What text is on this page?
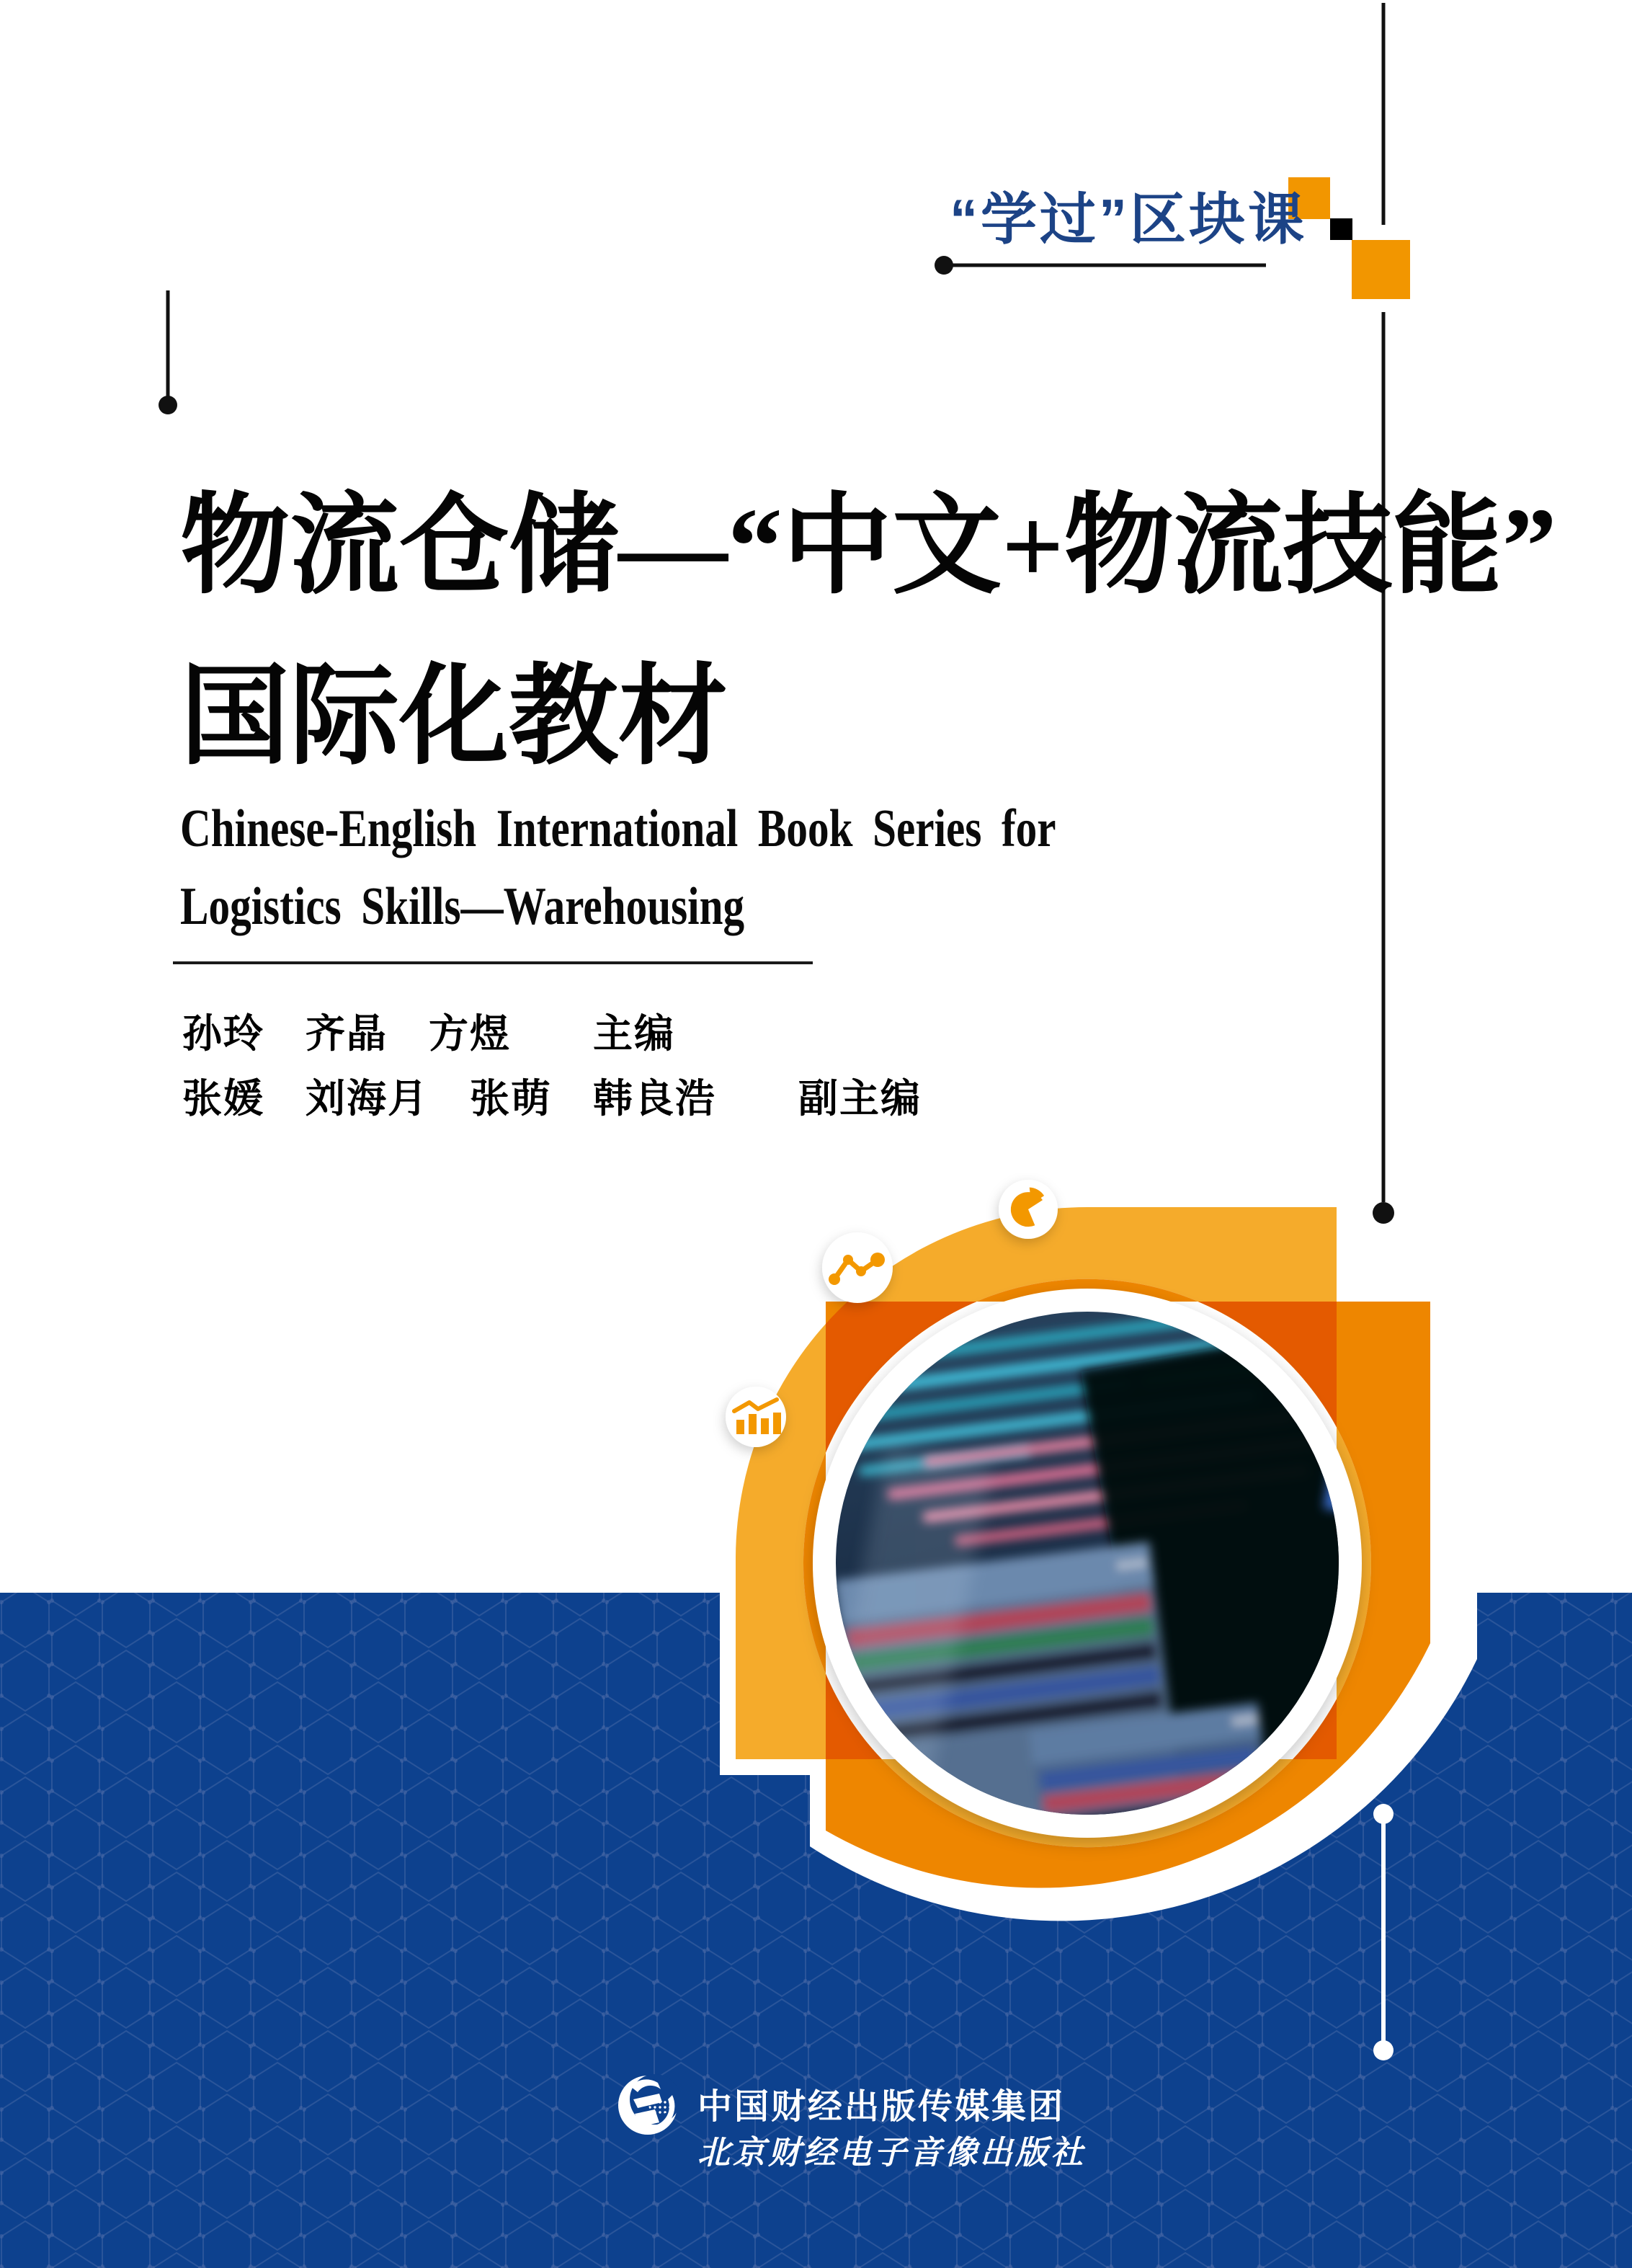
“学过”区块课
物流仓储—“中文+物流技能”
国际化教材
Chinese-English International Book Series for
Logistics Skills—Warehousing
孙玲　齐晶　方煜　　主编
张媛　刘海月　张萌　韩良浩　　副主编
中国财经出版传媒集团
北京财经电子音像出版社
